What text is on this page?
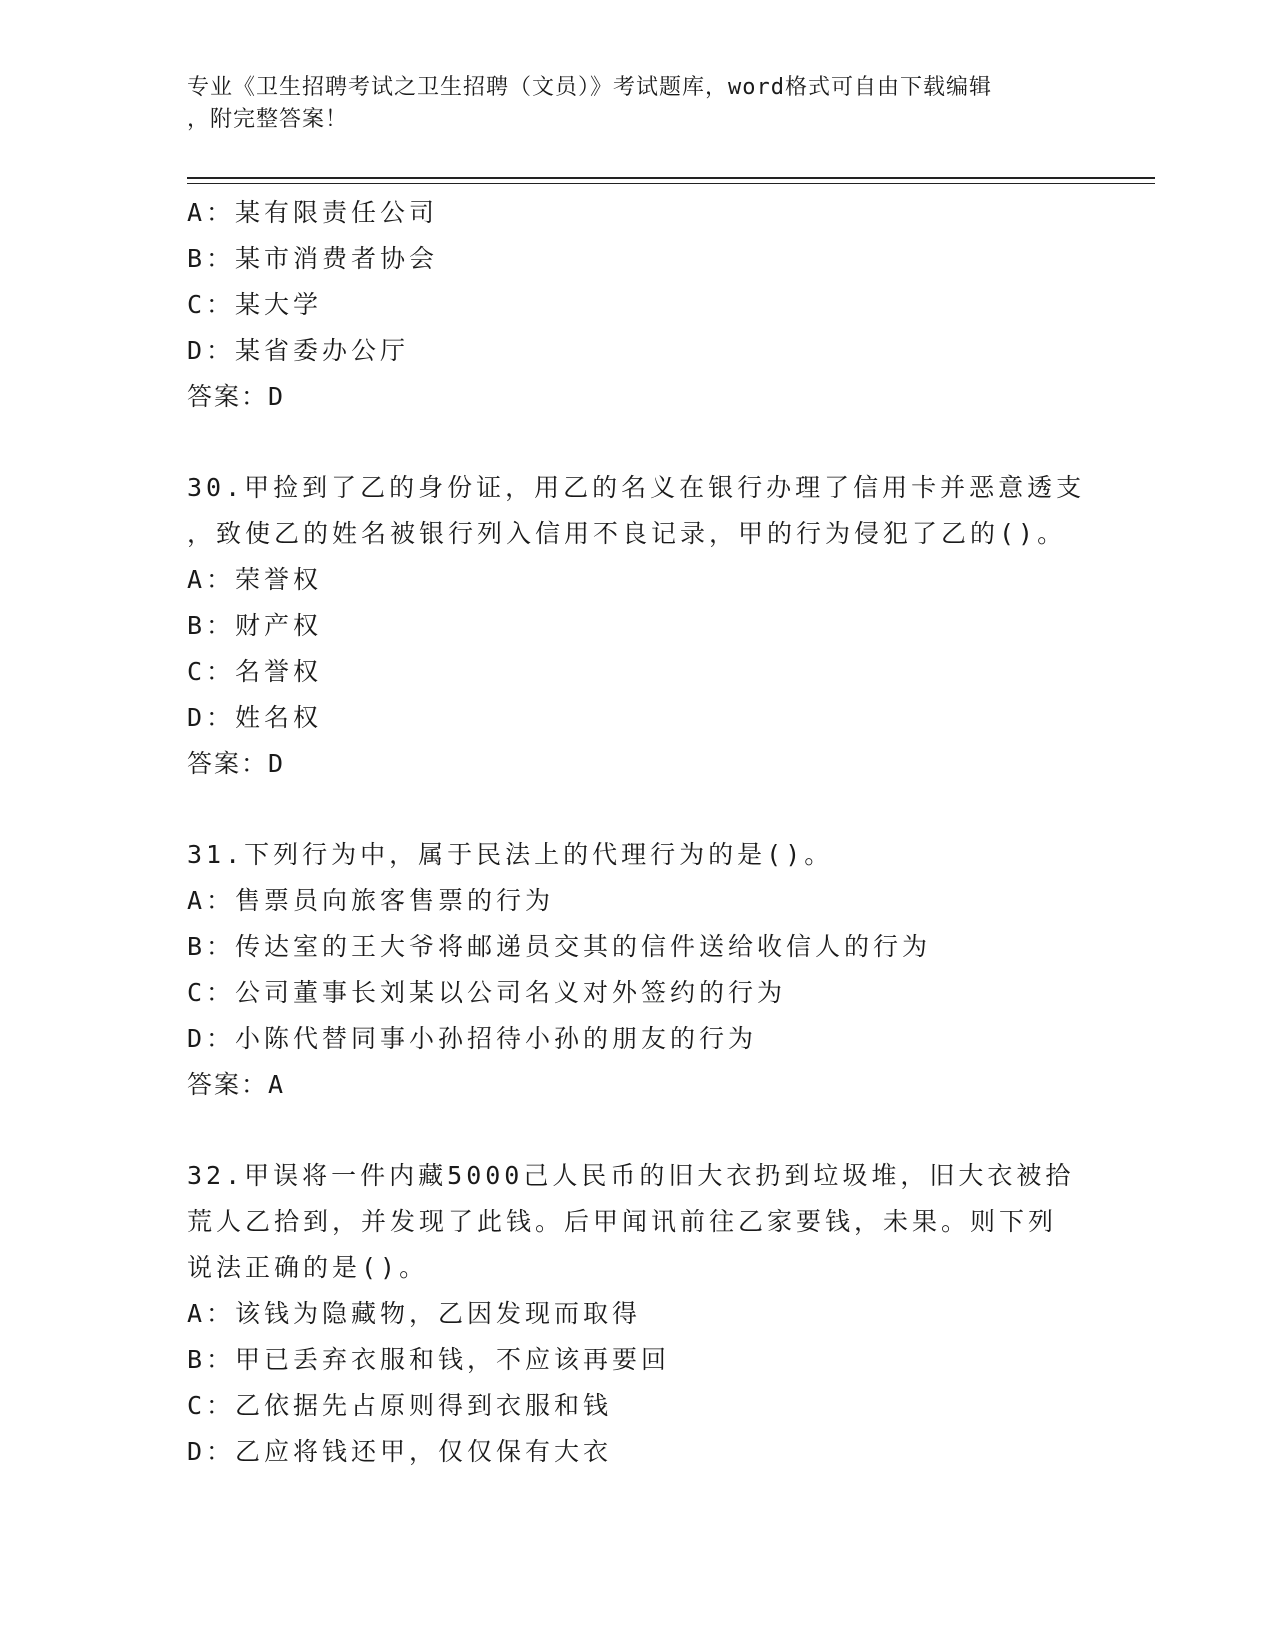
专业《卫生招聘考试之卫生招聘（文员）》考试题库，word格式可自由下载编辑
，附完整答案！
A：某有限责任公司
B：某市消费者协会
C：某大学
D：某省委办公厅
答案：D
30.甲捡到了乙的身份证，用乙的名义在银行办理了信用卡并恶意透支
，致使乙的姓名被银行列入信用不良记录，甲的行为侵犯了乙的()。
A：荣誉权
B：财产权
C：名誉权
D：姓名权
答案：D
31.下列行为中，属于民法上的代理行为的是()。
A：售票员向旅客售票的行为
B：传达室的王大爷将邮递员交其的信件送给收信人的行为
C：公司董事长刘某以公司名义对外签约的行为
D：小陈代替同事小孙招待小孙的朋友的行为
答案：A
32.甲误将一件内藏5000己人民币的旧大衣扔到垃圾堆，旧大衣被拾
荒人乙拾到，并发现了此钱。后甲闻讯前往乙家要钱，未果。则下列
说法正确的是()。
A：该钱为隐藏物，乙因发现而取得
B：甲已丢弃衣服和钱，不应该再要回
C：乙依据先占原则得到衣服和钱
D：乙应将钱还甲，仅仅保有大衣
